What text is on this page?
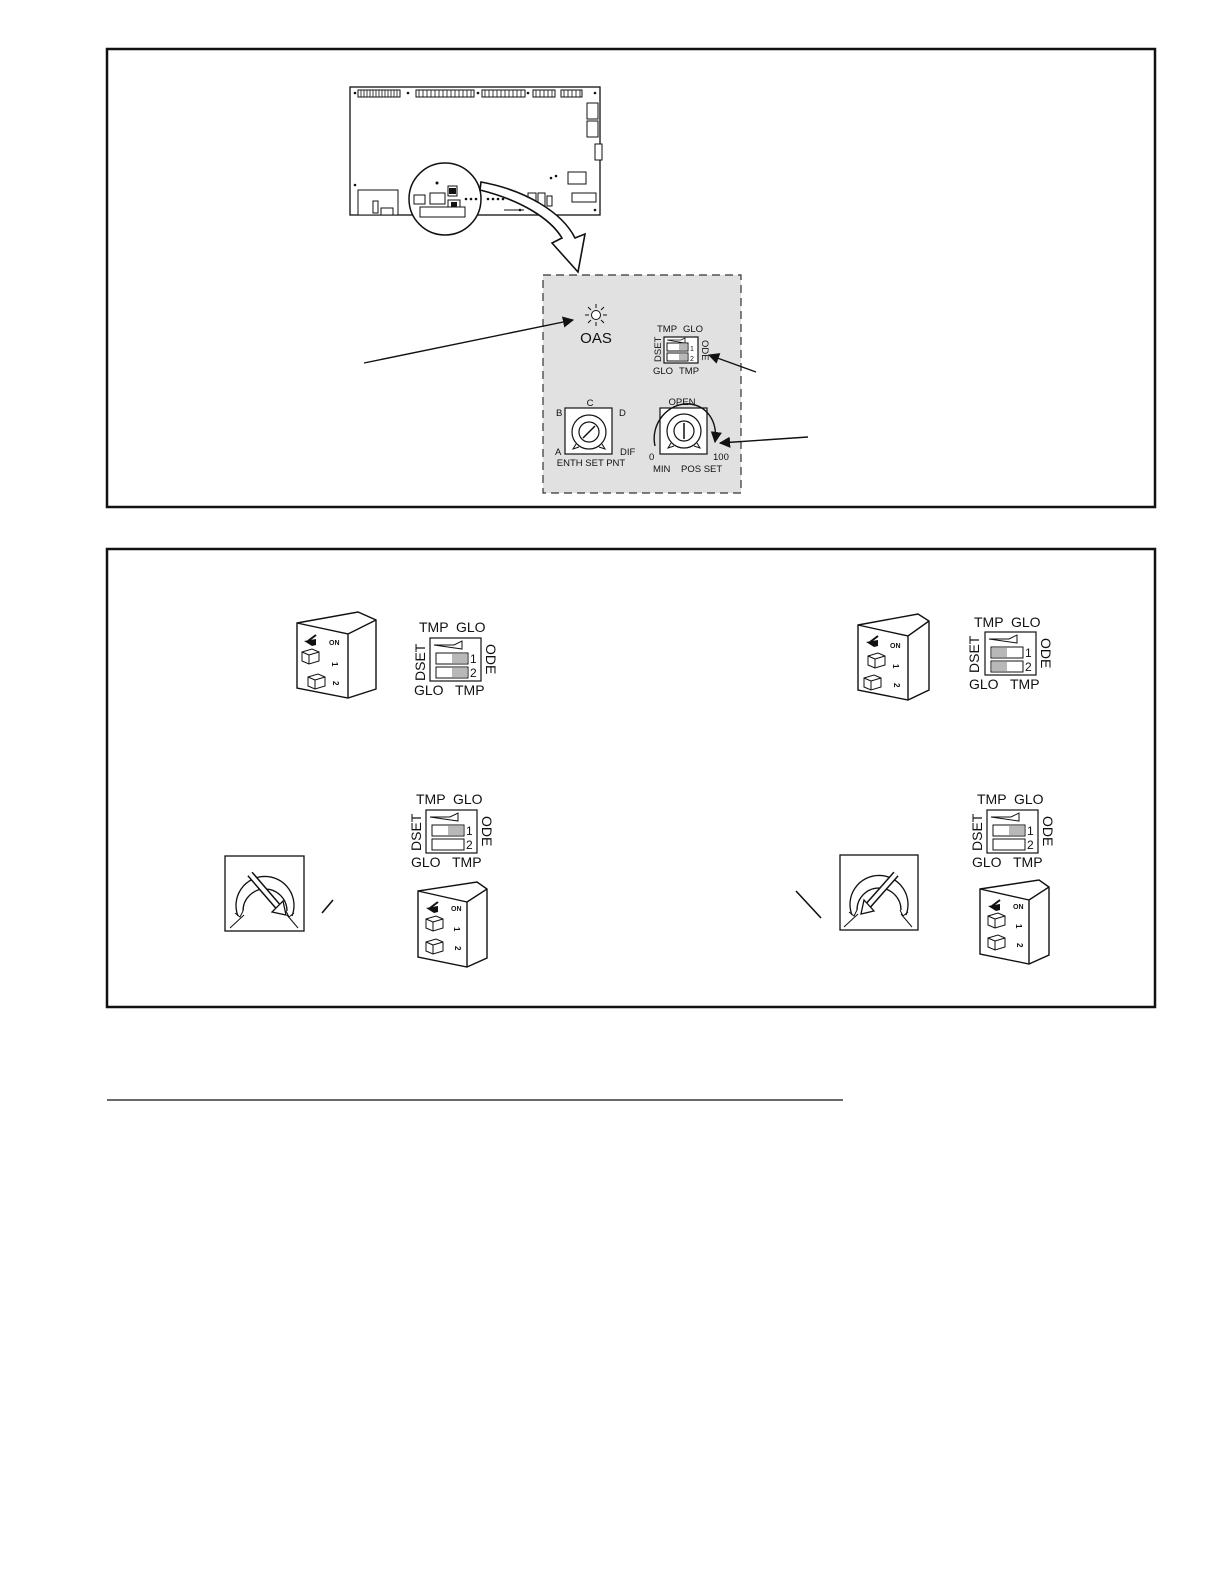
OAS
TMP GLO
GLO TMP
DSET	ODE
1
2
C
B	D
A	DIF
ENTH SET PNT
OPEN
0	100
MIN POS SET
ON
1
2
TMP GLO
GLO TMP
DSET	ODE
1
2
ON
1
2
TMP GLO
GLO TMP
DSET	ODE
1
2
TMP GLO
GLO TMP
DSET	ODE
1
2
ON
1
2
TMP GLO
GLO TMP
DSET	ODE
1
2
ON
1
2
